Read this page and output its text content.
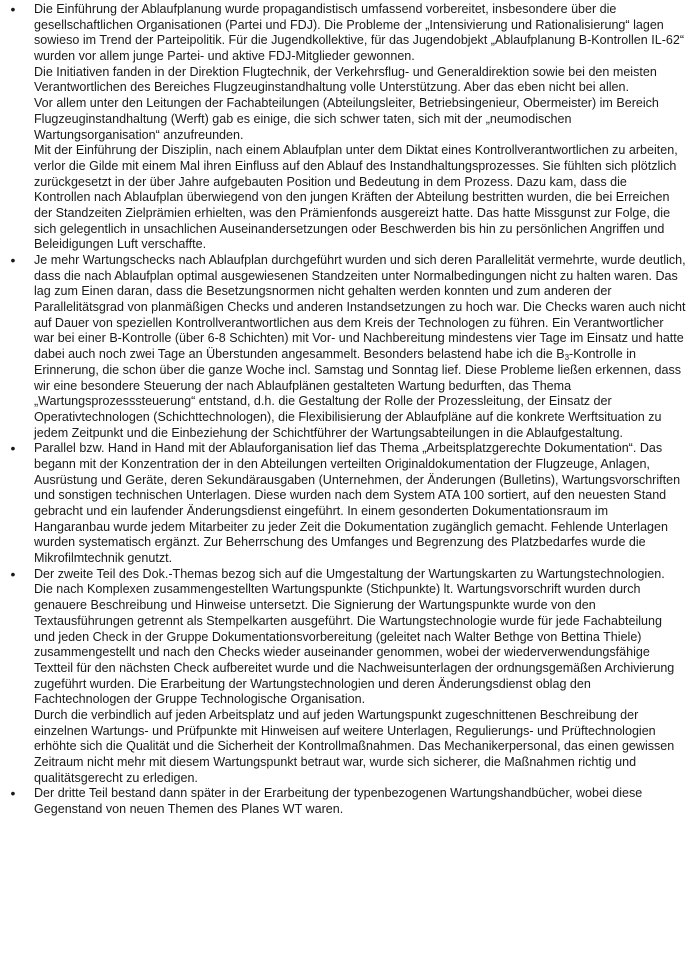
•	Die Einführung der Ablaufplanung wurde propagandistisch umfassend vorbereitet, insbesondere über die gesellschaftlichen Organisationen (Partei und FDJ). Die Probleme der „Intensivierung und Rationalisierung“ lagen sowieso im Trend der Parteipolitik. Für die Jugendkollektive, für das Jugendobjekt „Ablaufplanung B-Kontrollen IL-62“ wurden vor allem junge Partei- und aktive FDJ-Mitglieder gewonnen.

Die Initiativen fanden in der Direktion Flugtechnik, der Verkehrsflug- und Generaldirektion sowie bei den meisten Verantwortlichen des Bereiches Flugzeuginstandhaltung volle Unterstützung. Aber das eben nicht bei allen.

Vor allem unter den Leitungen der Fachabteilungen (Abteilungsleiter, Betriebsingenieur, Obermeister) im Bereich Flugzeuginstandhaltung (Werft) gab es einige, die sich schwer taten, sich mit der „neumodischen Wartungsorganisation“ anzufreunden.

Mit der Einführung der Disziplin, nach einem Ablaufplan unter dem Diktat eines Kontrollverantwortlichen zu arbeiten, verlor die Gilde mit einem Mal ihren Einfluss auf den Ablauf des Instandhaltungsprozesses. Sie fühlten sich plötzlich zurückgesetzt in der über Jahre aufgebauten Position und Bedeutung in dem Prozess. Dazu kam, dass die Kontrollen nach Ablaufplan überwiegend von den jungen Kräften der Abteilung bestritten wurden, die bei Erreichen der Standzeiten Zielprämien erhielten, was den Prämienfonds ausgereizt hatte. Das hatte Missgunst zur Folge, die sich gelegentlich in unsachlichen Auseinandersetzungen oder Beschwerden bis hin zu persönlichen Angriffen und Beleidigungen Luft verschaffte.

•	Je mehr Wartungschecks nach Ablaufplan durchgeführt wurden und sich deren Parallelität vermehrte, wurde deutlich, dass die nach Ablaufplan optimal ausgewiesenen Standzeiten unter Normalbedingungen nicht zu halten waren. Das lag zum Einen daran, dass die Besetzungsnormen nicht gehalten werden konnten und zum anderen der Parallelitätsgrad von planmäßigen Checks und anderen Instandsetzungen zu hoch war. Die Checks waren auch nicht auf Dauer von speziellen Kontrollverantwortlichen aus dem Kreis der Technologen zu führen. Ein Verantwortlicher war bei einer B-Kontrolle (über 6-8 Schichten) mit Vor- und Nachbereitung mindestens vier Tage im Einsatz und hatte dabei auch noch zwei Tage an Überstunden angesammelt. Besonders belastend habe ich die $B_3$-Kontrolle in Erinnerung, die schon über die ganze Woche incl. Samstag und Sonntag lief. Diese Probleme ließen erkennen, dass wir eine besondere Steuerung der nach Ablaufplänen gestalteten Wartung bedurften, das Thema „Wartungsprozesssteuerung“ entstand, d.h. die Gestaltung der Rolle der Prozessleitung, der Einsatz der Operativtechnologen (Schichttechnologen), die Flexibilisierung der Ablaufpläne auf die konkrete Werftsituation zu jedem Zeitpunkt und die Einbeziehung der Schichtführer der Wartungsabteilungen in die Ablaufgestaltung.

•	Parallel bzw. Hand in Hand mit der Ablauforganisation lief das Thema „Arbeitsplatzgerechte Dokumentation“. Das begann mit der Konzentration der in den Abteilungen verteilten Originaldokumentation der Flugzeuge, Anlagen, Ausrüstung und Geräte, deren Sekundärausgaben (Unternehmen, der Änderungen (Bulletins), Wartungsvorschriften und sonstigen technischen Unterlagen. Diese wurden nach dem System ATA 100 sortiert, auf den neuesten Stand gebracht und ein laufender Änderungsdienst eingeführt. In einem gesonderten Dokumentationsraum im Hangaranbau wurde jedem Mitarbeiter zu jeder Zeit die Dokumentation zugänglich gemacht. Fehlende Unterlagen wurden systematisch ergänzt. Zur Beherrschung des Umfanges und Begrenzung des Platzbedarfes wurde die Mikrofilmtechnik genutzt.

•	Der zweite Teil des Dok.-Themas bezog sich auf die Umgestaltung der Wartungskarten zu Wartungstechnologien. Die nach Komplexen zusammengestellten Wartungspunkte (Stichpunkte) lt. Wartungsvorschrift wurden durch genauere Beschreibung und Hinweise untersetzt. Die Signierung der Wartungspunkte wurde von den Textausführungen getrennt als Stempelkarten ausgeführt. Die Wartungstechnologie wurde für jede Fachabteilung und jeden Check in der Gruppe Dokumentationsvorbereitung (geleitet nach Walter Bethge von Bettina Thiele) zusammengestellt und nach den Checks wieder auseinander genommen, wobei der wiederverwendungsfähige Textteil für den nächsten Check aufbereitet wurde und die Nachweisunterlagen der ordnungsgemäßen Archivierung zugeführt wurden. Die Erarbeitung der Wartungstechnologien und deren Änderungsdienst oblag den Fachtechnologen der Gruppe Technologische Organisation.

Durch die verbindlich auf jeden Arbeitsplatz und auf jeden Wartungspunkt zugeschnittenen Beschreibung der einzelnen Wartungs- und Prüfpunkte mit Hinweisen auf weitere Unterlagen, Regulierungs- und Prüftechnologien erhöhte sich die Qualität und die Sicherheit der Kontrollmaßnahmen. Das Mechanikerpersonal, das einen gewissen Zeitraum nicht mehr mit diesem Wartungspunkt betraut war, wurde sich sicherer, die Maßnahmen richtig und qualitätsgerecht zu erledigen.

•	Der dritte Teil bestand dann später in der Erarbeitung der typenbezogenen Wartungshandbücher, wobei diese Gegenstand von neuen Themen des Planes WT waren.
